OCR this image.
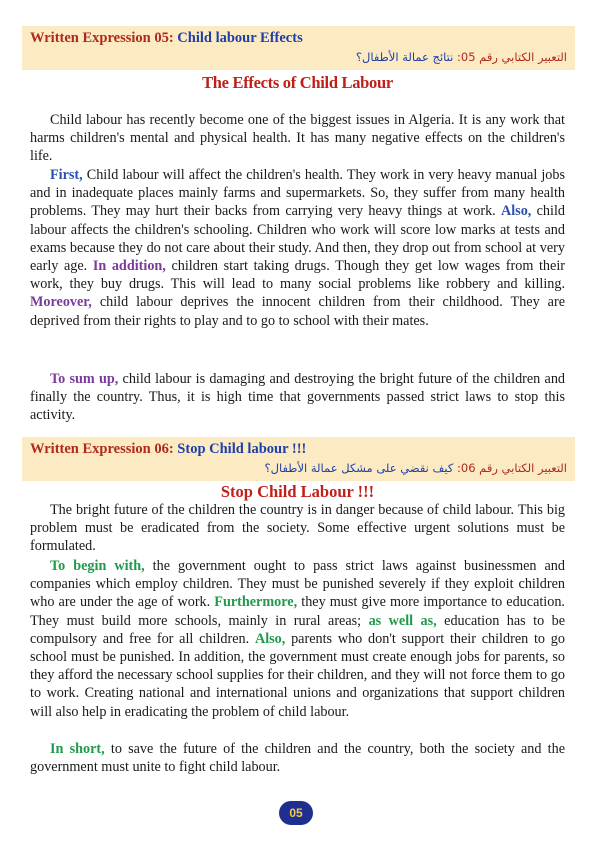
Written Expression 05: Child labour Effects
التعبير الكتابي رقم 05: نتائج عمالة الأطفال؟
The Effects of Child Labour

Child labour has recently become one of the biggest issues in Algeria. It is any work that harms children's mental and physical health. It has many negative effects on the children's life.

First, Child labour will affect the children's health. They work in very heavy manual jobs and in inadequate places mainly farms and supermarkets. So, they suffer from many health problems. They may hurt their backs from carrying very heavy things at work. Also, child labour affects the children's schooling. Children who work will score low marks at tests and exams because they do not care about their study. And then, they drop out from school at very early age. In addition, children start taking drugs. Though they get low wages from their work, they buy drugs. This will lead to many social problems like robbery and killing. Moreover, child labour deprives the innocent children from their childhood. They are deprived from their rights to play and to go to school with their mates.

To sum up, child labour is damaging and destroying the bright future of the children and finally the country. Thus, it is high time that governments passed strict laws to stop this activity.

Written Expression 06: Stop Child labour !!!
التعبير الكتابي رقم 06: كيف نقضي على مشكل عمالة الأطفال؟
Stop Child Labour !!!

The bright future of the children the country is in danger because of child labour. This big problem must be eradicated from the society. Some effective urgent solutions must be formulated.

To begin with, the government ought to pass strict laws against businessmen and companies which employ children. They must be punished severely if they exploit children who are under the age of work. Furthermore, they must give more importance to education. They must build more schools, mainly in rural areas; as well as, education has to be compulsory and free for all children. Also, parents who don't support their children to go school must be punished. In addition, the government must create enough jobs for parents, so they afford the necessary school supplies for their children, and they will not force them to go to work. Creating national and international unions and organizations that support children will also help in eradicating the problem of child labour.

In short, to save the future of the children and the country, both the society and the government must unite to fight child labour.

05
